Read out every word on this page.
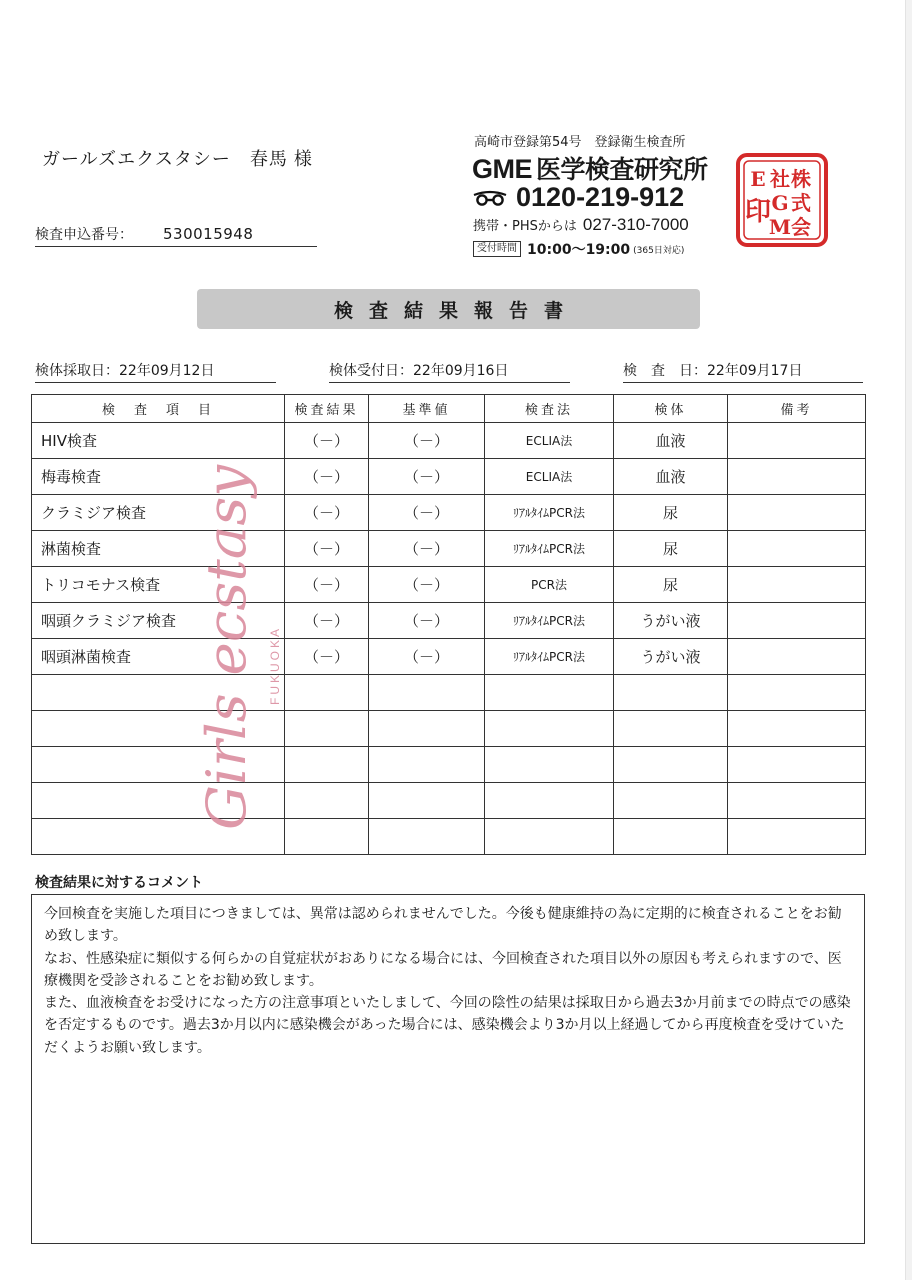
ガールズエクスタシー　春馬 様
検査申込番号： 530015948
高崎市登録第54号　登録衛生検査所
GME 医学検査研究所
0120-219-912
携帯・PHSからは 027-310-7000
受付時間 10:00〜19:00 (365日対応)
株
式
会
社
G
M
E
印
検査結果報告書
検体採取日：22年09月12日	検体受付日：22年09月16日	検　査　日：22年09月17日
検　査　項　目	検査結果	基準値	検査法	検体	備考
HIV検査	（－）	（－）	ECLIA法	血液	
梅毒検査	（－）	（－）	ECLIA法	血液	
クラミジア検査	（－）	（－）	ﾘｱﾙﾀｲﾑPCR法	尿	
淋菌検査	（－）	（－）	ﾘｱﾙﾀｲﾑPCR法	尿	
トリコモナス検査	（－）	（－）	PCR法	尿	
咽頭クラミジア検査	（－）	（－）	ﾘｱﾙﾀｲﾑPCR法	うがい液	
咽頭淋菌検査	（－）	（－）	ﾘｱﾙﾀｲﾑPCR法	うがい液	

Girls ecstasy FUKUOKA
検査結果に対するコメント

今回検査を実施した項目につきましては、異常は認められませんでした。今後も健康維持の為に定期的に検査されることをお勧め致します。

なお、性感染症に類似する何らかの自覚症状がおありになる場合には、今回検査された項目以外の原因も考えられますので、医療機関を受診されることをお勧め致します。

また、血液検査をお受けになった方の注意事項といたしまして、今回の陰性の結果は採取日から過去3か月前までの時点での感染を否定するものです。過去3か月以内に感染機会があった場合には、感染機会より3か月以上経過してから再度検査を受けていただくようお願い致します。
